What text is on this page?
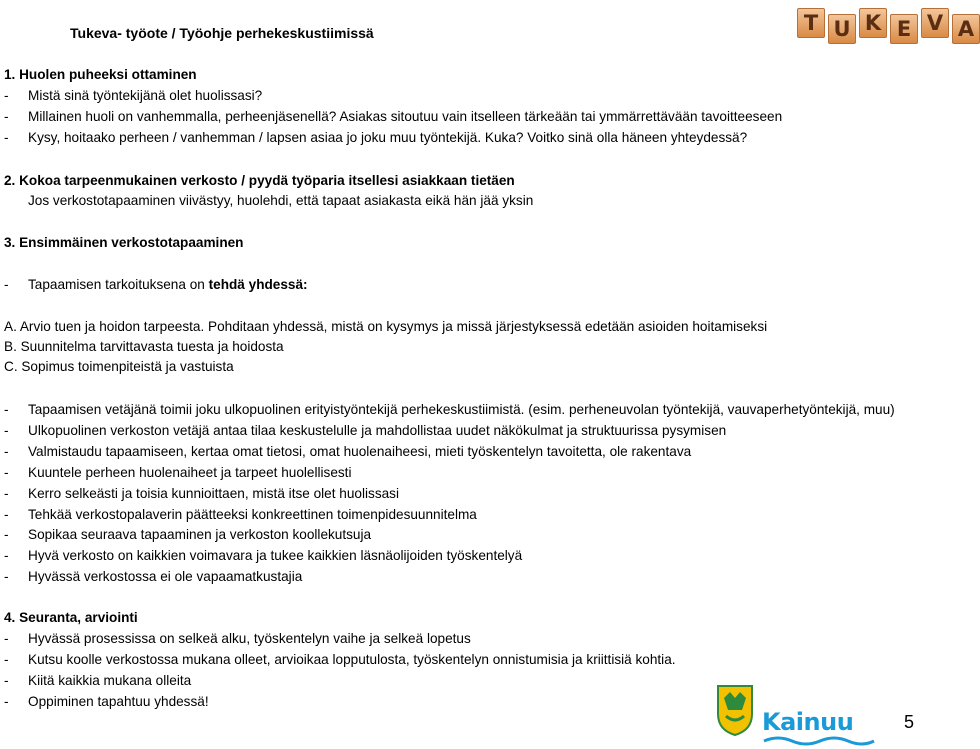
Tukeva- työote / Työohje perhekeskustiimissä	T U K E V A
1. Huolen puheeksi ottaminen
- Mistä sinä työntekijänä olet huolissasi?
- Millainen huoli on vanhemmalla, perheenjäsenellä? Asiakas sitoutuu vain itselleen tärkeään tai ymmärrettävään tavoitteeseen
- Kysy, hoitaako perheen / vanhemman / lapsen asiaa jo joku muu työntekijä. Kuka? Voitko sinä olla häneen yhteydessä?
2. Kokoa tarpeenmukainen verkosto / pyydä työparia itsellesi asiakkaan tietäen
Jos verkostotapaaminen viivästyy, huolehdi, että tapaat asiakasta eikä hän jää yksin
3. Ensimmäinen verkostotapaaminen
- Tapaamisen tarkoituksena on tehdä yhdessä:
A. Arvio tuen ja hoidon tarpeesta. Pohditaan yhdessä, mistä on kysymys ja missä järjestyksessä edetään asioiden hoitamiseksi
B. Suunnitelma tarvittavasta tuesta ja hoidosta
C. Sopimus toimenpiteistä ja vastuista
- Tapaamisen vetäjänä toimii joku ulkopuolinen erityistyöntekijä perhekeskustiimistä. (esim. perheneuvolan työntekijä, vauvaperhetyöntekijä, muu)
- Ulkopuolinen verkoston vetäjä antaa tilaa keskustelulle ja mahdollistaa uudet näkökulmat ja struktuurissa pysymisen
- Valmistaudu tapaamiseen, kertaa omat tietosi, omat huolenaiheesi, mieti työskentelyn tavoitetta, ole rakentava
- Kuuntele perheen huolenaiheet ja tarpeet huolellisesti
- Kerro selkeästi ja toisia kunnioittaen, mistä itse olet huolissasi
- Tehkää verkostopalaverin päätteeksi konkreettinen toimenpidesuunnitelma
- Sopikaa seuraava tapaaminen ja verkoston koollekutsuja
- Hyvä verkosto on kaikkien voimavara ja tukee kaikkien läsnäolijoiden työskentelyä
- Hyvässä verkostossa ei ole vapaamatkustajia
4. Seuranta, arviointi
- Hyvässä prosessissa on selkeä alku, työskentelyn vaihe ja selkeä lopetus
- Kutsu koolle verkostossa mukana olleet, arvioikaa lopputulosta, työskentelyn onnistumisia ja kriittisiä kohtia.
- Kiitä kaikkia mukana olleita
- Oppiminen tapahtuu yhdessä!
Kainuu	5
